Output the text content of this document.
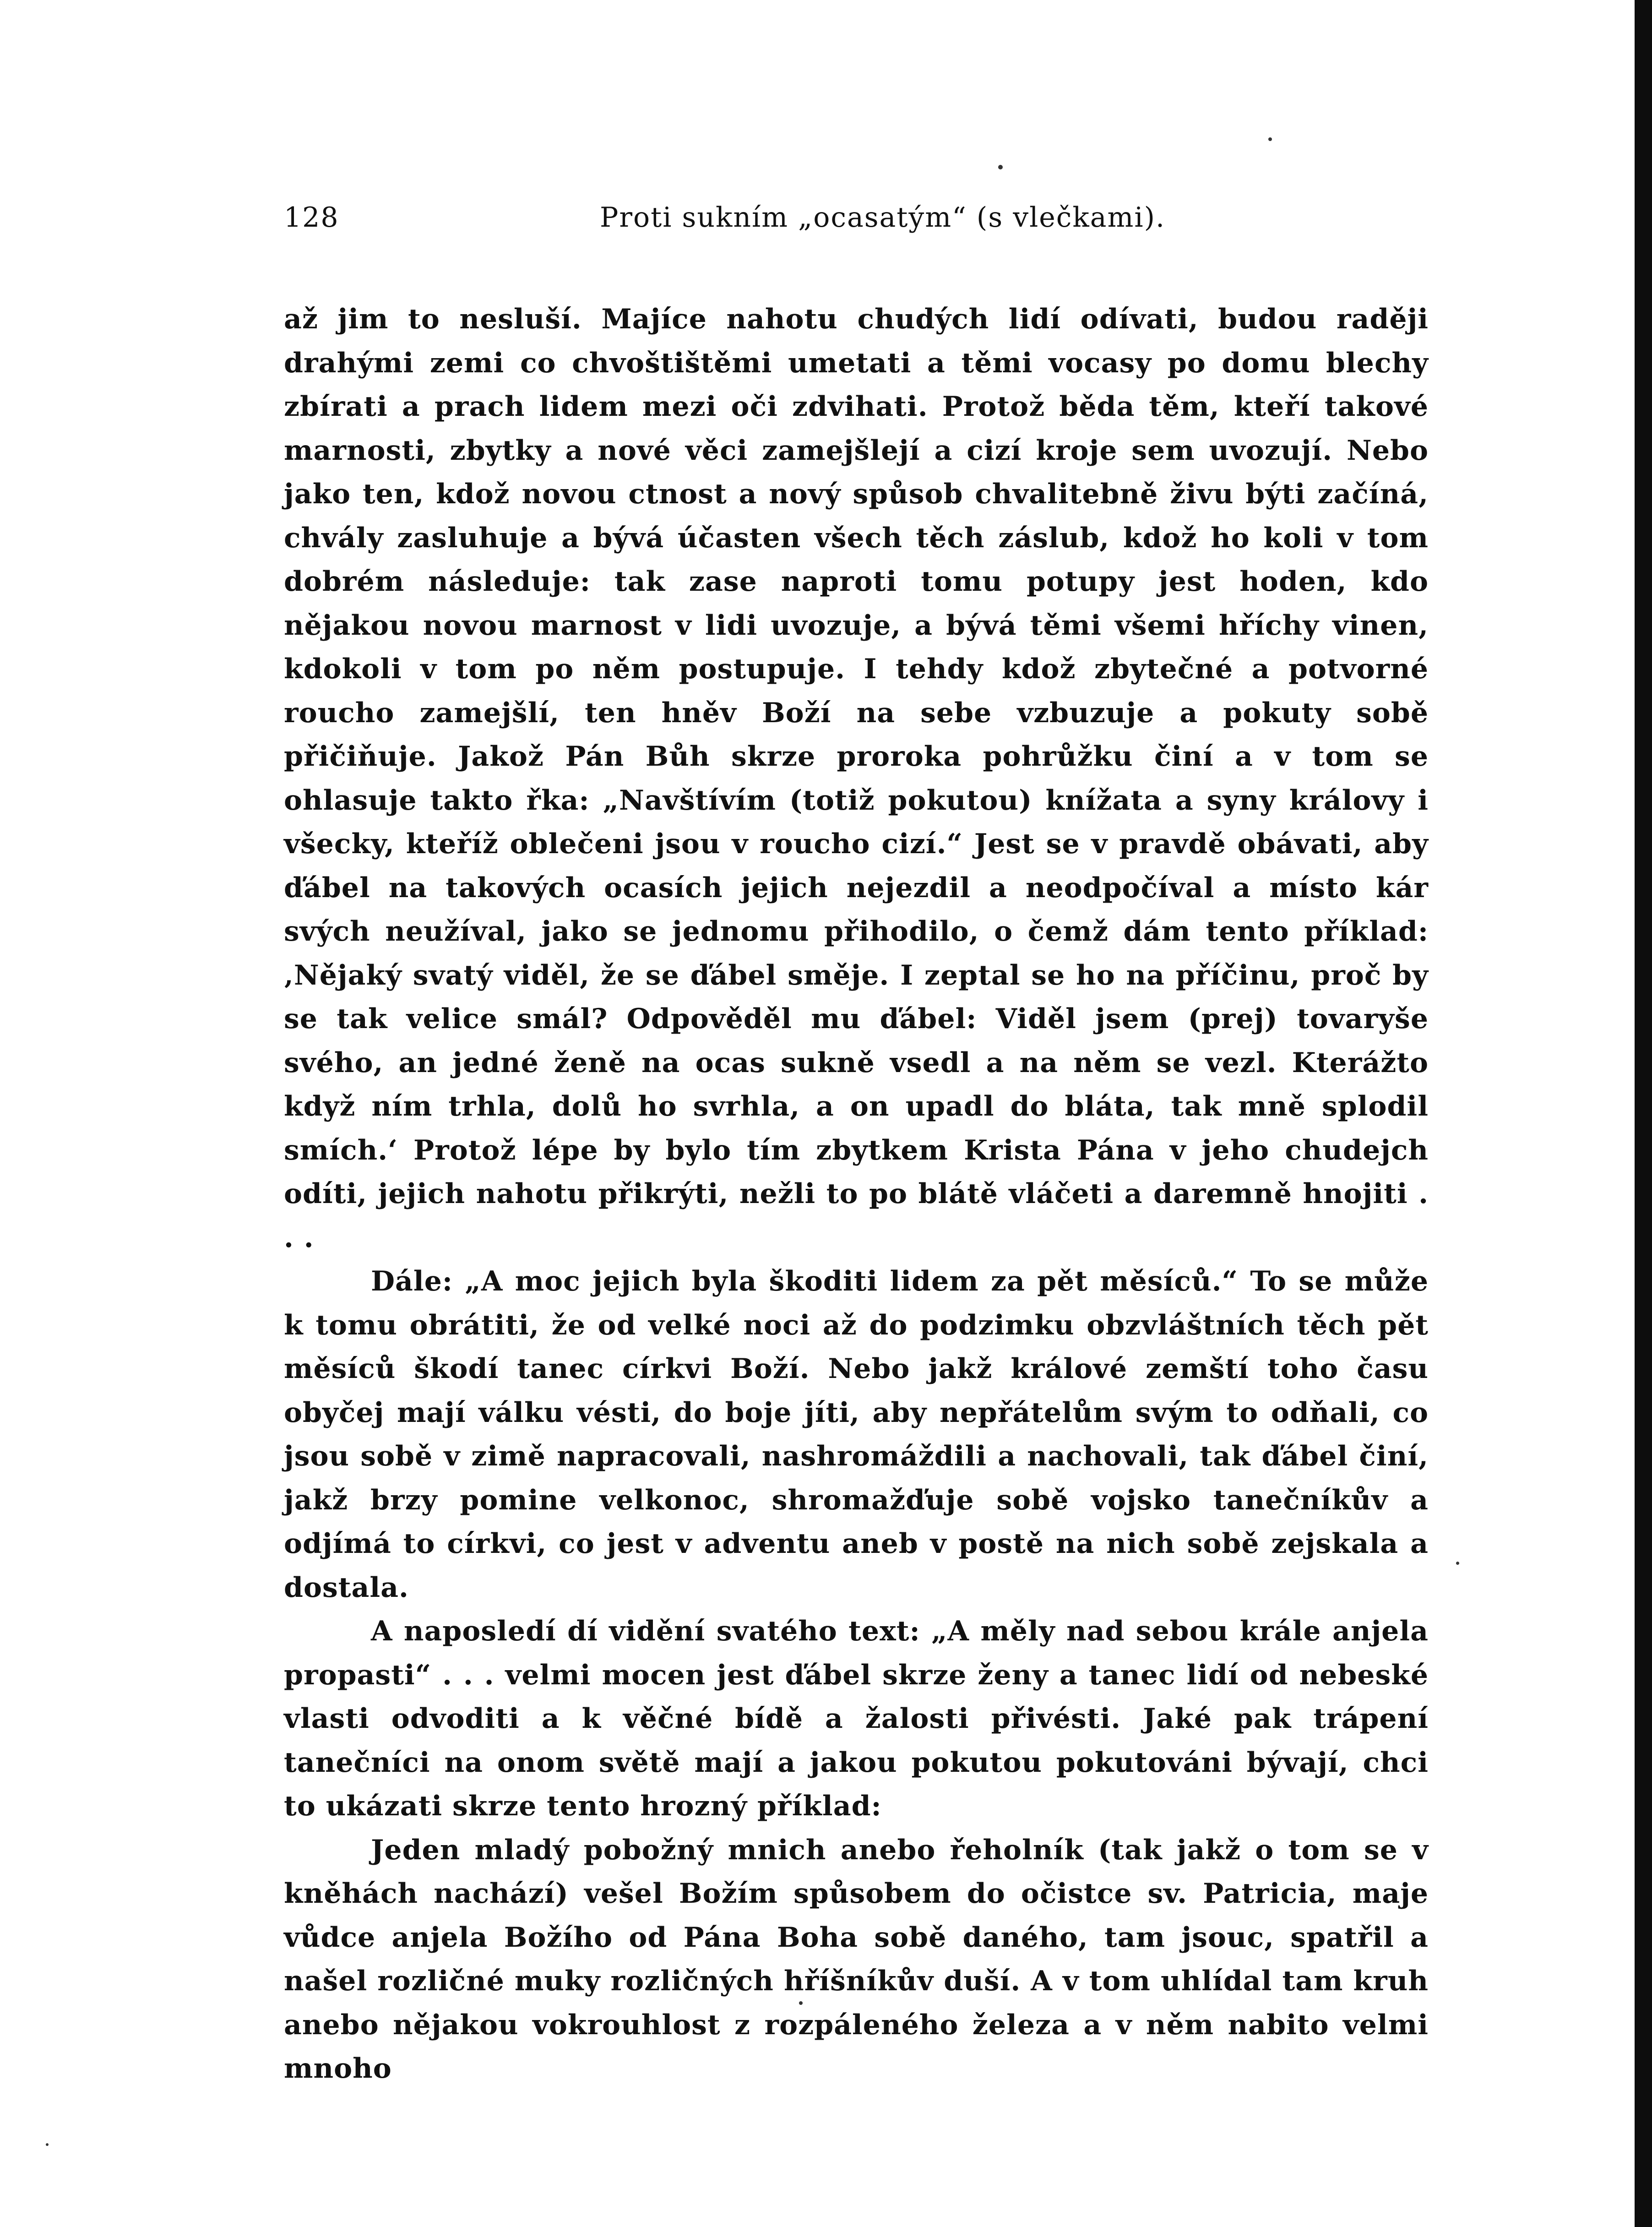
128	Proti sukním „ocasatým“ (s vlečkami).

až jim to nesluší. Majíce nahotu chudých lidí odívati, budou raději drahými zemi co chvoštištěmi umetati a těmi vocasy po domu blechy zbírati a prach lidem mezi oči zdvihati. Protož běda těm, kteří takové marnosti, zbytky a nové věci zamejšlejí a cizí kroje sem uvozují. Nebo jako ten, kdož novou ctnost a nový spůsob chvalitebně živu býti začíná, chvály zasluhuje a bývá účasten všech těch záslub, kdož ho koli v tom dobrém následuje: tak zase naproti tomu potupy jest hoden, kdo nějakou novou marnost v lidi uvozuje, a bývá těmi všemi hříchy vinen, kdokoli v tom po něm postupuje. I tehdy kdož zbytečné a potvorné roucho zamejšlí, ten hněv Boží na sebe vzbuzuje a pokuty sobě přičiňuje. Jakož Pán Bůh skrze proroka pohrůžku činí a v tom se ohlasuje takto řka: „Navštívím (totiž pokutou) knížata a syny královy i všecky, kteříž oblečeni jsou v roucho cizí.“ Jest se v pravdě obávati, aby ďábel na takových ocasích jejich nejezdil a neodpočíval a místo kár svých neužíval, jako se jednomu přihodilo, o čemž dám tento příklad: ‚Nějaký svatý viděl, že se ďábel směje. I zeptal se ho na příčinu, proč by se tak velice smál? Odpověděl mu ďábel: Viděl jsem (prej) tovaryše svého, an jedné ženě na ocas sukně vsedl a na něm se vezl. Kterážto když ním trhla, dolů ho svrhla, a on upadl do bláta, tak mně splodil smích.‘ Protož lépe by bylo tím zbytkem Krista Pána v jeho chudejch odíti, jejich nahotu přikrýti, nežli to po blátě vláčeti a daremně hnojiti . . .

Dále: „A moc jejich byla škoditi lidem za pět měsíců.“ To se může k tomu obrátiti, že od velké noci až do podzimku obzvláštních těch pět měsíců škodí tanec církvi Boží. Nebo jakž králové zemští toho času obyčej mají válku vésti, do boje jíti, aby nepřátelům svým to odňali, co jsou sobě v zimě napracovali, nashromáždili a nachovali, tak ďábel činí, jakž brzy pomine velkonoc, shromažďuje sobě vojsko tanečníkův a odjímá to církvi, co jest v adventu aneb v postě na nich sobě zejskala a dostala.

A naposledí dí vidění svatého text: „A měly nad sebou krále anjela propasti“ . . . velmi mocen jest ďábel skrze ženy a tanec lidí od nebeské vlasti odvoditi a k věčné bídě a žalosti přivésti. Jaké pak trápení tanečníci na onom světě mají a jakou pokutou pokutováni bývají, chci to ukázati skrze tento hrozný příklad:

Jeden mladý pobožný mnich anebo řeholník (tak jakž o tom se v kněhách nachází) vešel Božím spůsobem do očistce sv. Patricia, maje vůdce anjela Božího od Pána Boha sobě daného, tam jsouc, spatřil a našel rozličné muky rozličných hříšníkův duší. A v tom uhlídal tam kruh anebo nějakou vokrouhlost z rozpáleného železa a v něm nabito velmi mnoho
